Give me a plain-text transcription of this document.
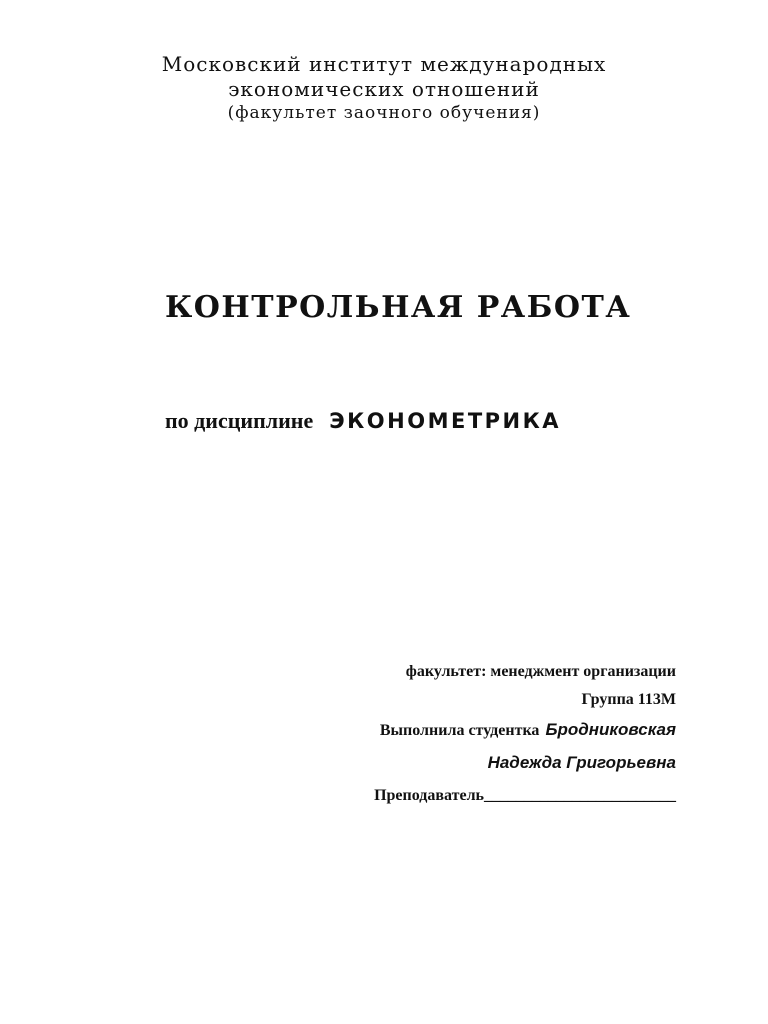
Московский институт международных
экономических отношений
(факультет заочного обучения)
КОНТРОЛЬНАЯ РАБОТА
по дисциплине ЭКОНОМЕТРИКА
факультет: менеджмент организации
Группа 113М
Выполнила студентка Бродниковская
Надежда Григорьевна
Преподаватель________________________
